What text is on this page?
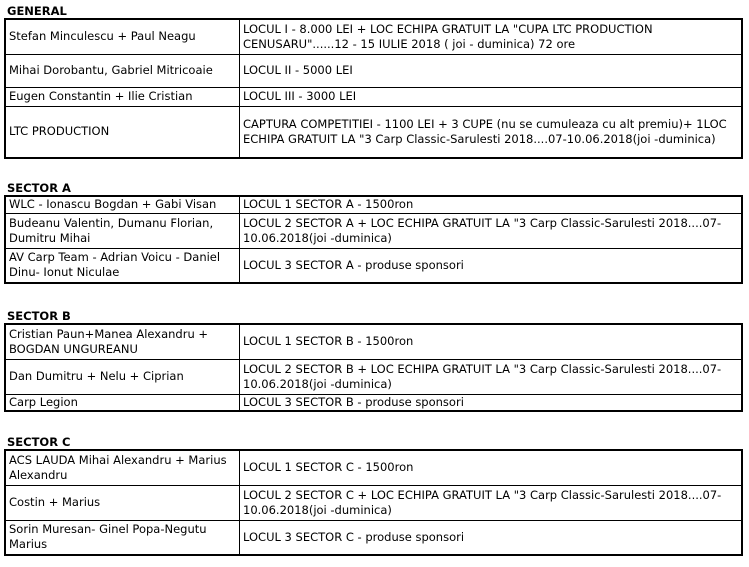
GENERAL
Stefan Minculescu + Paul Neagu	LOCUL I - 8.000 LEI + LOC ECHIPA GRATUIT LA "CUPA LTC PRODUCTION CENUSARU"......12 - 15 IULIE 2018 ( joi - duminica) 72 ore
Mihai Dorobantu, Gabriel Mitricoaie	LOCUL II - 5000 LEI
Eugen Constantin + Ilie Cristian	LOCUL III - 3000 LEI
LTC PRODUCTION	CAPTURA COMPETITIEI - 1100 LEI + 3 CUPE (nu se cumuleaza cu alt premiu)+ 1LOC ECHIPA GRATUIT LA "3 Carp Classic-Sarulesti 2018....07-10.06.2018(joi -duminica)
SECTOR A
WLC - Ionascu Bogdan + Gabi Visan	LOCUL 1 SECTOR A - 1500ron
Budeanu Valentin, Dumanu Florian, Dumitru Mihai	LOCUL 2 SECTOR A + LOC ECHIPA GRATUIT LA "3 Carp Classic-Sarulesti 2018....07-10.06.2018(joi -duminica)
AV Carp Team - Adrian Voicu - Daniel Dinu- Ionut Niculae	LOCUL 3 SECTOR A - produse sponsori
SECTOR B
Cristian Paun+Manea Alexandru + BOGDAN UNGUREANU	LOCUL 1 SECTOR B - 1500ron
Dan Dumitru + Nelu + Ciprian	LOCUL 2 SECTOR B + LOC ECHIPA GRATUIT LA "3 Carp Classic-Sarulesti 2018....07-10.06.2018(joi -duminica)
Carp Legion	LOCUL 3 SECTOR B - produse sponsori
SECTOR C
ACS LAUDA Mihai Alexandru + Marius Alexandru	LOCUL 1 SECTOR C - 1500ron
Costin + Marius	LOCUL 2 SECTOR C + LOC ECHIPA GRATUIT LA "3 Carp Classic-Sarulesti 2018....07-10.06.2018(joi -duminica)
Sorin Muresan- Ginel Popa-Negutu Marius	LOCUL 3 SECTOR C - produse sponsori
